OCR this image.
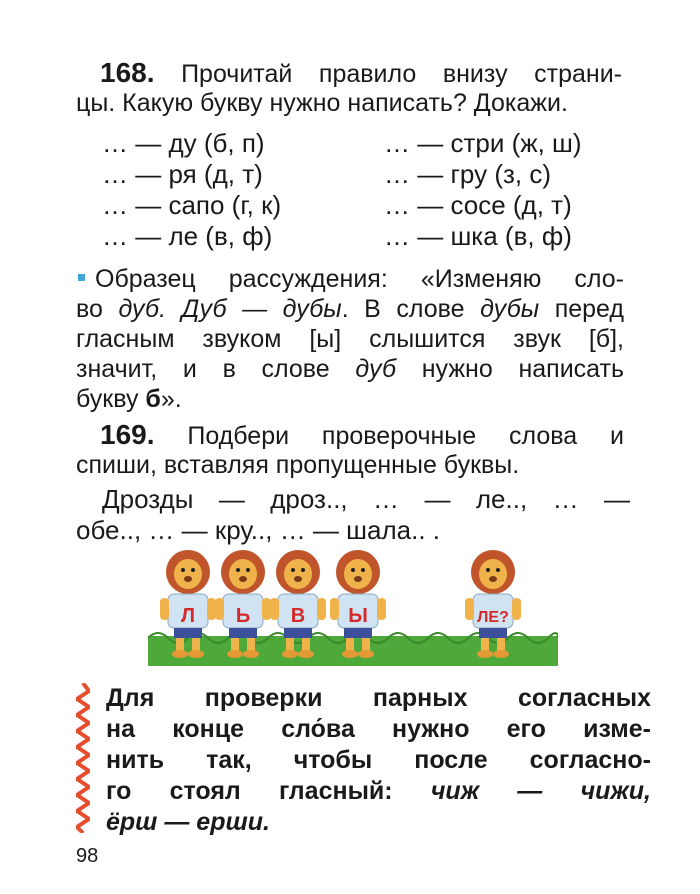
168. Прочитай правило внизу страни-
цы. Какую букву нужно написать? Докажи.
… — ду (б, п)
… — ря (д, т)
… — сапо (г, к)
… — ле (в, ф)
… — стри (ж, ш)
… — гру (з, с)
… — сосе (д, т)
… — шка (в, ф)
Образец рассуждения: «Изменяю сло-
во дуб. Дуб — дубы. В слове дубы перед
гласным звуком [ы] слышится звук [б],
значит, и в слове дуб нужно написать
букву б».
169. Подбери проверочные слова и
спиши, вставляя пропущенные буквы.
Дрозды — дроз.., … — ле.., … —
обе.., … — кру.., … — шала.. .
Л Ь В Ы	ЛЕ?
Для проверки парных согласных
на конце сло́ва нужно его изме-
нить так, чтобы после согласно-
го стоял гласный: чиж — чижи,
ёрш — ерши.
98
